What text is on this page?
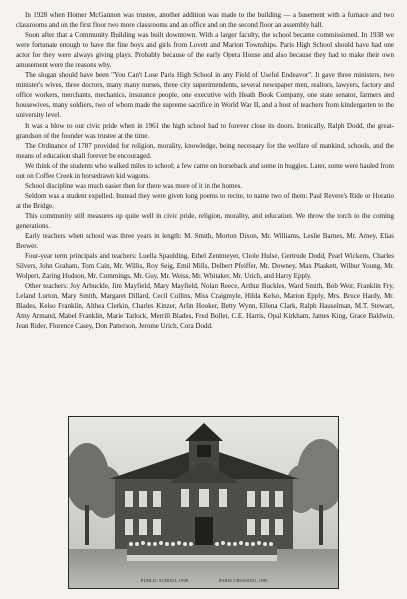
In 1928 when Homer McGannon was trustee, another addition was made to the building — a basement with a furnace and two classrooms and on the first floor two more classrooms and an office and on the second floor an assembly hall.

Soon after that a Community Building was built downtown. With a larger faculty, the school became commissioned. In 1938 we were fortunate enough to have the fine boys and girls from Lovett and Marion Townships. Paris High School should have had one actor for they were always giving plays. Probably because of the early Opera House and also because they had to make their own amusement were the reasons why.

The slogan should have been "You Can't Lose Paris High School in any Field of Useful Endeavor". It gave three ministers, two minister's wives, three doctors, many many nurses, three city superintendents, several newspaper men, realtors, lawyers, factory and office workers, merchants, mechanics, insurance people, one executive with Heath Book Company, one state senator, farmers and housewives, many soldiers, two of whom made the supreme sacrifice in World War II, and a host of teachers from kindergarten to the university level.

It was a blow to our civic pride when in 1961 the high school had to forever close its doors. Ironically, Ralph Dodd, the great-grandson of the founder was trustee at the time.

The Ordinance of 1787 provided for religion, morality, knowledge, being necessary for the welfare of mankind, schools, and the means of education shall forever be encouraged.

We think of the students who walked miles to school; a few came on horseback and some in buggies. Later, some were hauled from out on Coffee Creek in horsedrawn kid wagons.

School discipline was much easier then for there was more of it in the homes.

Seldom was a student expelled. Instead they were given long poems to recite, to name two of them: Paul Revere's Ride or Horatio at the Bridge.

This community still measures up quite well in civic pride, religion, morality, and education. We throw the torch to the coming generations.

Early teachers when school was three years in length: M. Smith, Morton Dixon, Mr. Williams, Leslie Barnes, Mr. Arney, Elias Brewer.

Four-year term principals and teachers: Luella Spaulding, Ethel Zentmeyer, Chole Hulse, Gertrude Dodd, Pearl Wickens, Charles Silvers, John Graham, Tom Cain, Mr. Willis, Roy Seig, Emil Mills, Delbert Pfeiffer, Mr. Downey, Max Plaskett, Wilbur Young, Mr. Wolpert, Zaring Hudson, Mr. Cummings, Mr. Guy, Mr. Weiss, Mr. Whitaker, Mr. Urich, and Harry Epply.

Other teachers: Joy Arbuckle, Jim Mayfield, Mary Mayfield, Nolan Reece, Arthur Buckles, Ward Smith, Bob Weir, Franklin Fry, Leland Lurton, Mary Smith, Margaret Dillard, Cecil Collins, Miss Craigmyle, Hilda Kelso, Marion Epply, Mrs. Bruce Hardy, Mr. Blades, Kelso Franklin, Althea Clerkin, Charles Kinzer, Arlin Hooker, Betty Wynn, Ellena Clark, Ralph Hauselman, M.T. Stewart, Amy Armand, Mabel Franklin, Marie Tatlock, Merrill Blades, Fred Boller, C.E. Harris, Opal Kirkham, James King, Grace Baldwin, Jean Rider, Florence Casey, Don Patterson, Jerome Urich, Cora Dodd.

PUBLIC SCHOOL 1908	PARIS CROSSING, IND.
